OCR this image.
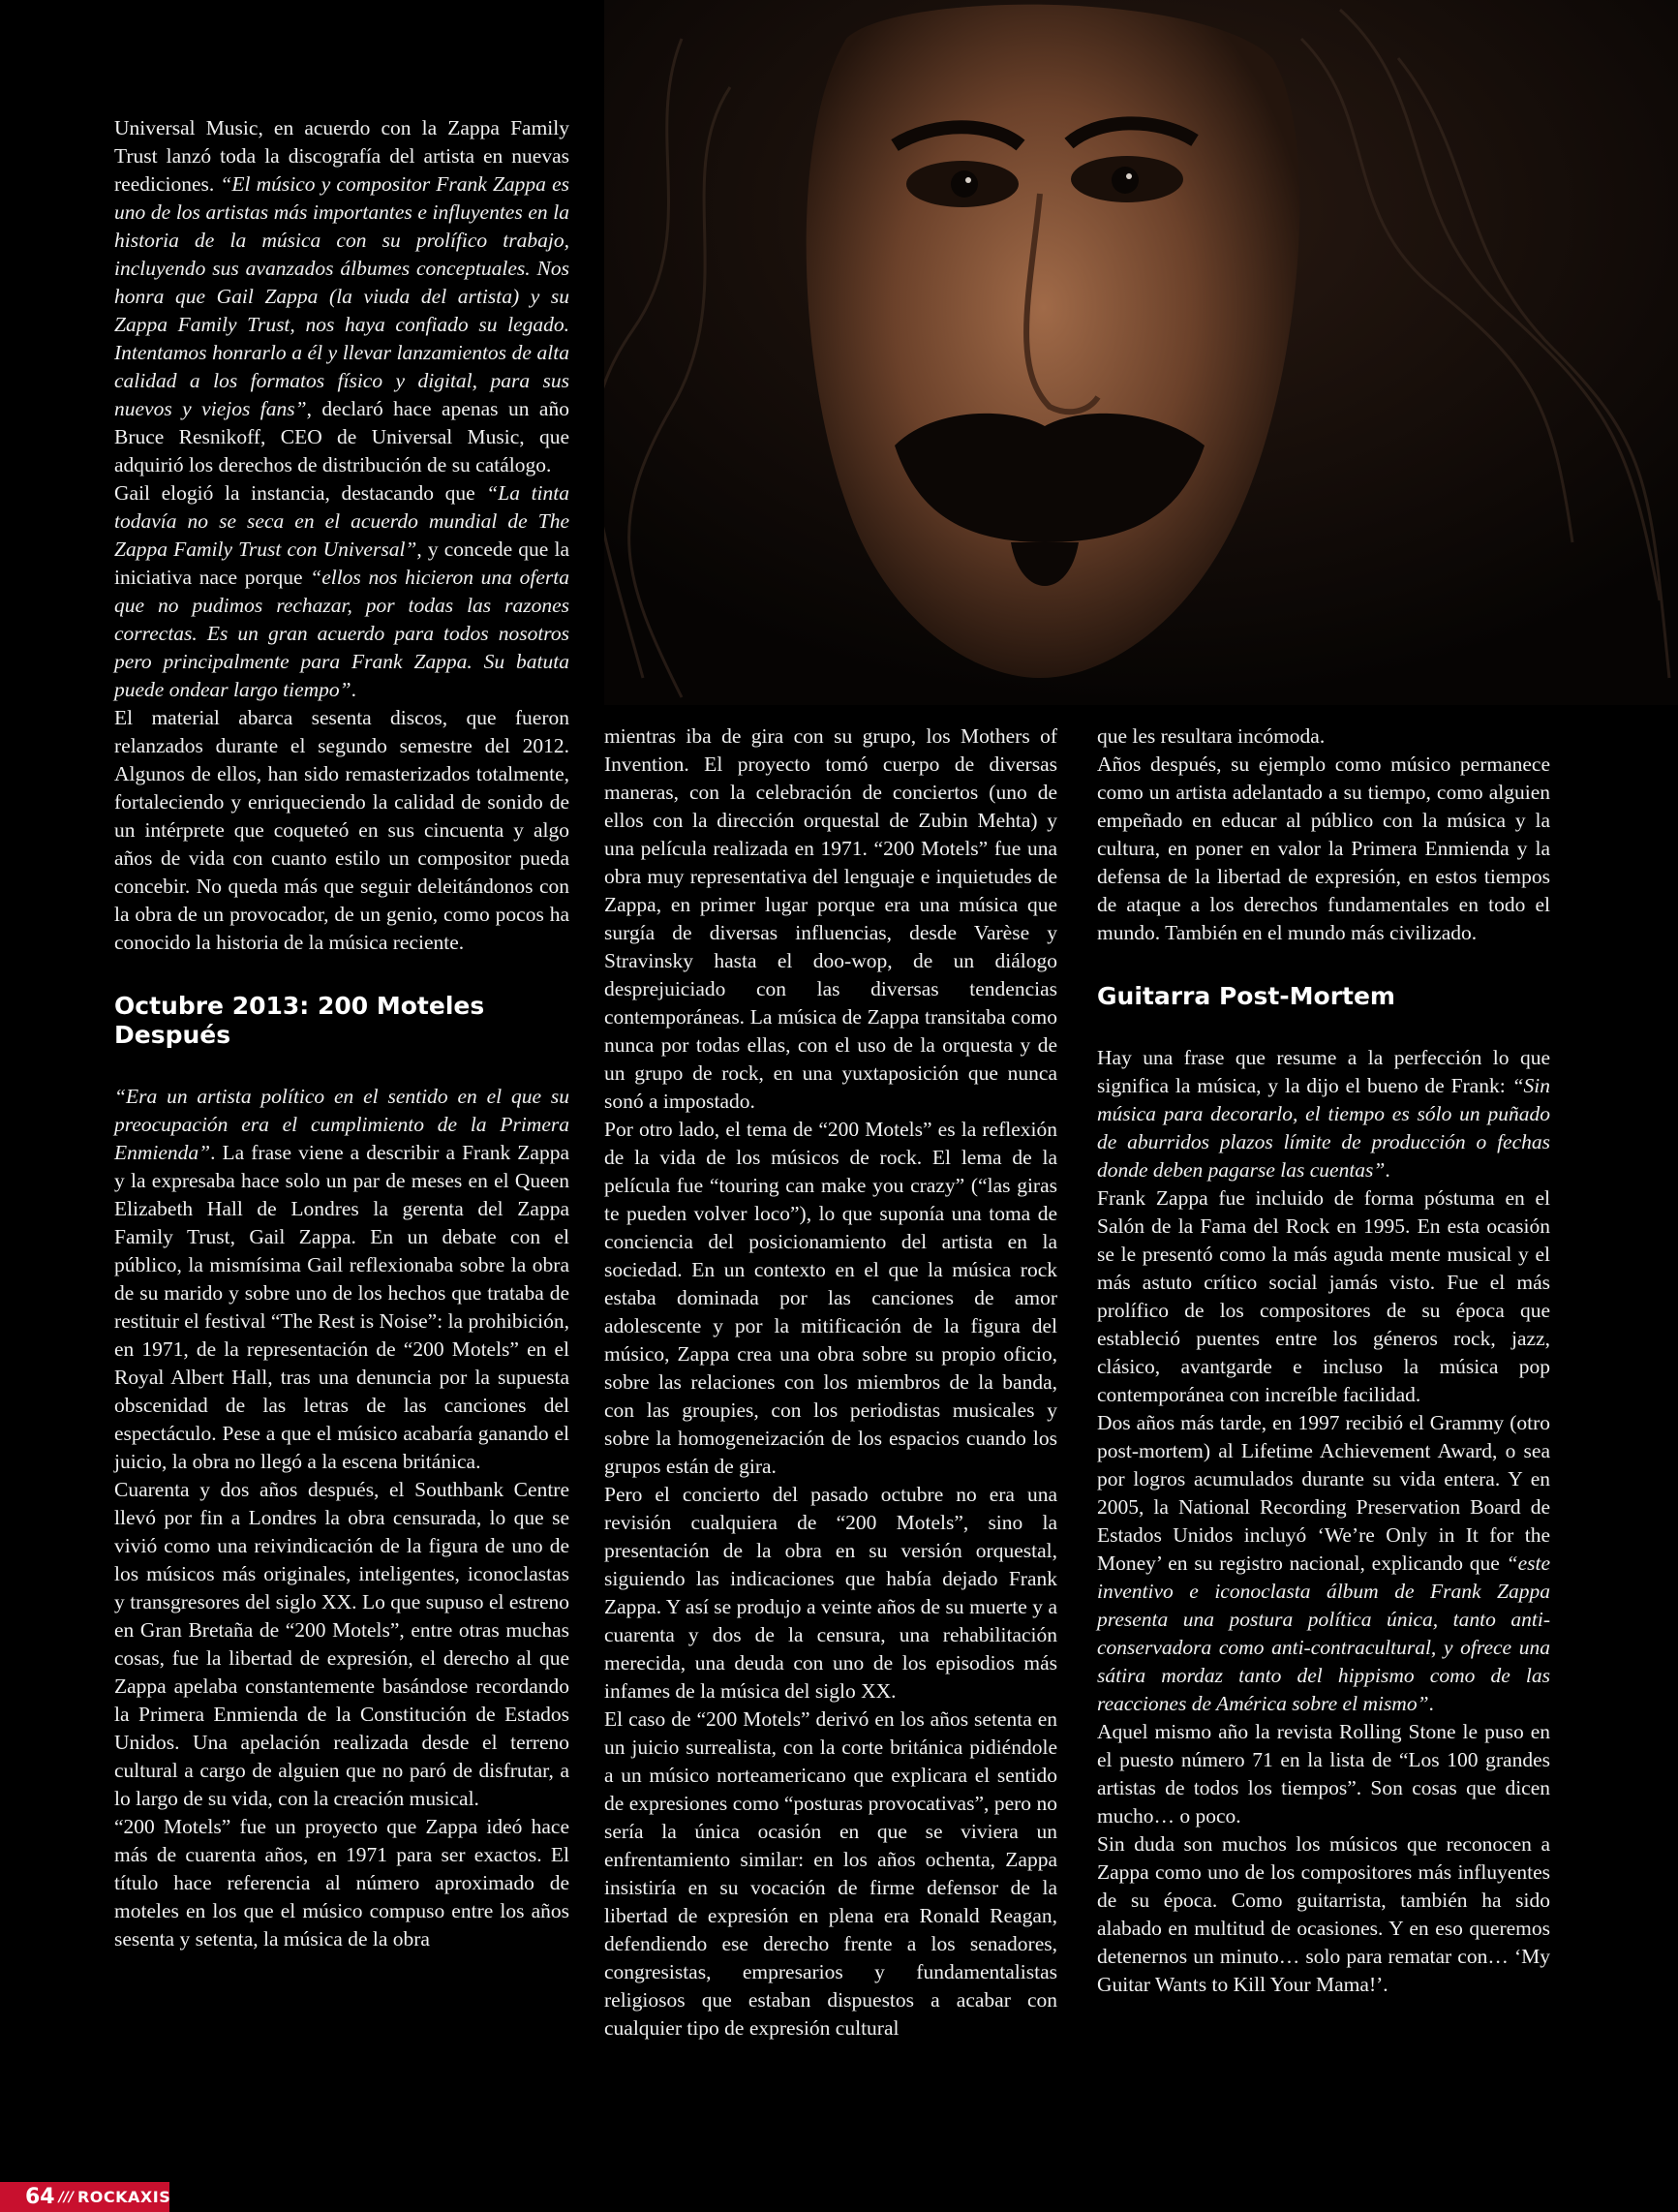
Universal Music, en acuerdo con la Zappa Family Trust lanzó toda la discografía del artista en nuevas reediciones. “El músico y compositor Frank Zappa es uno de los artistas más importantes e influyentes en la historia de la música con su prolífico trabajo, incluyendo sus avanzados álbumes conceptuales. Nos honra que Gail Zappa (la viuda del artista) y su Zappa Family Trust, nos haya confiado su legado. Intentamos honrarlo a él y llevar lanzamientos de alta calidad a los formatos físico y digital, para sus nuevos y viejos fans”, declaró hace apenas un año Bruce Resnikoff, CEO de Universal Music, que adquirió los derechos de distribución de su catálogo.

Gail elogió la instancia, destacando que “La tinta todavía no se seca en el acuerdo mundial de The Zappa Family Trust con Universal”, y concede que la iniciativa nace porque “ellos nos hicieron una oferta que no pudimos rechazar, por todas las razones correctas. Es un gran acuerdo para todos nosotros pero principalmente para Frank Zappa. Su batuta puede ondear largo tiempo”.

El material abarca sesenta discos, que fueron relanzados durante el segundo semestre del 2012. Algunos de ellos, han sido remasterizados totalmente, fortaleciendo y enriqueciendo la calidad de sonido de un intérprete que coqueteó en sus cincuenta y algo años de vida con cuanto estilo un compositor pueda concebir. No queda más que seguir deleitándonos con la obra de un provocador, de un genio, como pocos ha conocido la historia de la música reciente.

Octubre 2013: 200 Moteles Después

“Era un artista político en el sentido en el que su preocupación era el cumplimiento de la Primera Enmienda”. La frase viene a describir a Frank Zappa y la expresaba hace solo un par de meses en el Queen Elizabeth Hall de Londres la gerenta del Zappa Family Trust, Gail Zappa. En un debate con el público, la mismísima Gail reflexionaba sobre la obra de su marido y sobre uno de los hechos que trataba de restituir el festival “The Rest is Noise”: la prohibición, en 1971, de la representación de “200 Motels” en el Royal Albert Hall, tras una denuncia por la supuesta obscenidad de las letras de las canciones del espectáculo. Pese a que el músico acabaría ganando el juicio, la obra no llegó a la escena británica.

Cuarenta y dos años después, el Southbank Centre llevó por fin a Londres la obra censurada, lo que se vivió como una reivindicación de la figura de uno de los músicos más originales, inteligentes, iconoclastas y transgresores del siglo XX. Lo que supuso el estreno en Gran Bretaña de “200 Motels”, entre otras muchas cosas, fue la libertad de expresión, el derecho al que Zappa apelaba constantemente basándose recordando la Primera Enmienda de la Constitución de Estados Unidos. Una apelación realizada desde el terreno cultural a cargo de alguien que no paró de disfrutar, a lo largo de su vida, con la creación musical.

“200 Motels” fue un proyecto que Zappa ideó hace más de cuarenta años, en 1971 para ser exactos. El título hace referencia al número aproximado de moteles en los que el músico compuso entre los años sesenta y setenta, la música de la obra

mientras iba de gira con su grupo, los Mothers of Invention. El proyecto tomó cuerpo de diversas maneras, con la celebración de conciertos (uno de ellos con la dirección orquestal de Zubin Mehta) y una película realizada en 1971. “200 Motels” fue una obra muy representativa del lenguaje e inquietudes de Zappa, en primer lugar porque era una música que surgía de diversas influencias, desde Varèse y Stravinsky hasta el doo-wop, de un diálogo desprejuiciado con las diversas tendencias contemporáneas. La música de Zappa transitaba como nunca por todas ellas, con el uso de la orquesta y de un grupo de rock, en una yuxtaposición que nunca sonó a impostado.

Por otro lado, el tema de “200 Motels” es la reflexión de la vida de los músicos de rock. El lema de la película fue “touring can make you crazy” (“las giras te pueden volver loco”), lo que suponía una toma de conciencia del posicionamiento del artista en la sociedad. En un contexto en el que la música rock estaba dominada por las canciones de amor adolescente y por la mitificación de la figura del músico, Zappa crea una obra sobre su propio oficio, sobre las relaciones con los miembros de la banda, con las groupies, con los periodistas musicales y sobre la homogeneización de los espacios cuando los grupos están de gira.

Pero el concierto del pasado octubre no era una revisión cualquiera de “200 Motels”, sino la presentación de la obra en su versión orquestal, siguiendo las indicaciones que había dejado Frank Zappa. Y así se produjo a veinte años de su muerte y a cuarenta y dos de la censura, una rehabilitación merecida, una deuda con uno de los episodios más infames de la música del siglo XX.

El caso de “200 Motels” derivó en los años setenta en un juicio surrealista, con la corte británica pidiéndole a un músico norteamericano que explicara el sentido de expresiones como “posturas provocativas”, pero no sería la única ocasión en que se viviera un enfrentamiento similar: en los años ochenta, Zappa insistiría en su vocación de firme defensor de la libertad de expresión en plena era Ronald Reagan, defendiendo ese derecho frente a los senadores, congresistas, empresarios y fundamentalistas religiosos que estaban dispuestos a acabar con cualquier tipo de expresión cultural

que les resultara incómoda.

Años después, su ejemplo como músico permanece como un artista adelantado a su tiempo, como alguien empeñado en educar al público con la música y la cultura, en poner en valor la Primera Enmienda y la defensa de la libertad de expresión, en estos tiempos de ataque a los derechos fundamentales en todo el mundo. También en el mundo más civilizado.

Guitarra Post-Mortem

Hay una frase que resume a la perfección lo que significa la música, y la dijo el bueno de Frank: “Sin música para decorarlo, el tiempo es sólo un puñado de aburridos plazos límite de producción o fechas donde deben pagarse las cuentas”.

Frank Zappa fue incluido de forma póstuma en el Salón de la Fama del Rock en 1995. En esta ocasión se le presentó como la más aguda mente musical y el más astuto crítico social jamás visto. Fue el más prolífico de los compositores de su época que estableció puentes entre los géneros rock, jazz, clásico, avantgarde e incluso la música pop contemporánea con increíble facilidad.

Dos años más tarde, en 1997 recibió el Grammy (otro post-mortem) al Lifetime Achievement Award, o sea por logros acumulados durante su vida entera. Y en 2005, la National Recording Preservation Board de Estados Unidos incluyó ‘We’re Only in It for the Money’ en su registro nacional, explicando que “este inventivo e iconoclasta álbum de Frank Zappa presenta una postura política única, tanto anti-conservadora como anti-contracultural, y ofrece una sátira mordaz tanto del hippismo como de las reacciones de América sobre el mismo”.

Aquel mismo año la revista Rolling Stone le puso en el puesto número 71 en la lista de “Los 100 grandes artistas de todos los tiempos”. Son cosas que dicen mucho… o poco.

Sin duda son muchos los músicos que reconocen a Zappa como uno de los compositores más influyentes de su época. Como guitarrista, también ha sido alabado en multitud de ocasiones. Y en eso queremos detenernos un minuto… solo para rematar con… ‘My Guitar Wants to Kill Your Mama!’.

64 /// ROCKAXIS
